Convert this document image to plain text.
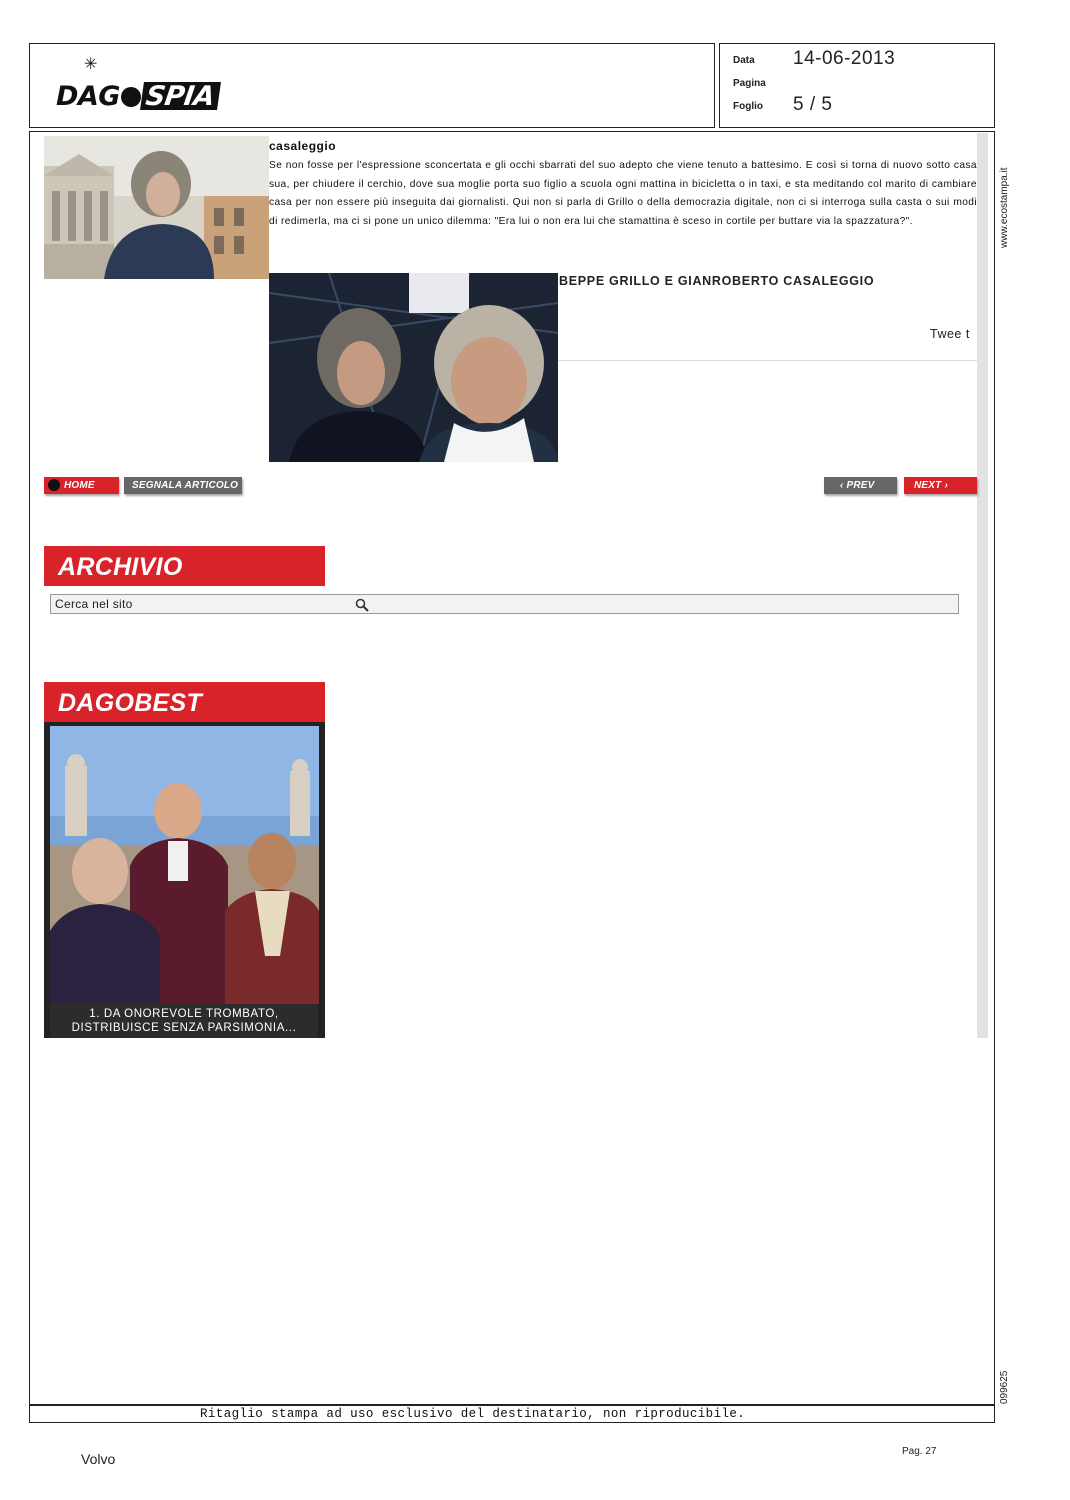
✳
DAG SPIA
Data 14-06-2013
Pagina
Foglio 5 / 5
casaleggio
Se non fosse per l'espressione sconcertata e gli occhi sbarrati del suo adepto che viene tenuto a battesimo. E così si torna di nuovo sotto casa sua, per chiudere il cerchio, dove sua moglie porta suo figlio a scuola ogni mattina in bicicletta o in taxi, e sta meditando col marito di cambiare casa per non essere più inseguita dai giornalisti. Qui non si parla di Grillo o della democrazia digitale, non ci si interroga sulla casta o sui modi di redimerla, ma ci si pone un unico dilemma: "Era lui o non era lui che stamattina è sceso in cortile per buttare via la spazzatura?".
BEPPE GRILLO E GIANROBERTO CASALEGGIO
Twee t
HOME	SEGNALA ARTICOLO	‹ PREV	NEXT ›
ARCHIVIO
Cerca nel sito
DAGOBEST
1. DA ONOREVOLE TROMBATO,
DISTRIBUISCE SENZA PARSIMONIA...
www.ecostampa.it
099625
Ritaglio stampa ad uso esclusivo del destinatario, non riproducibile.
Volvo	Pag. 27
